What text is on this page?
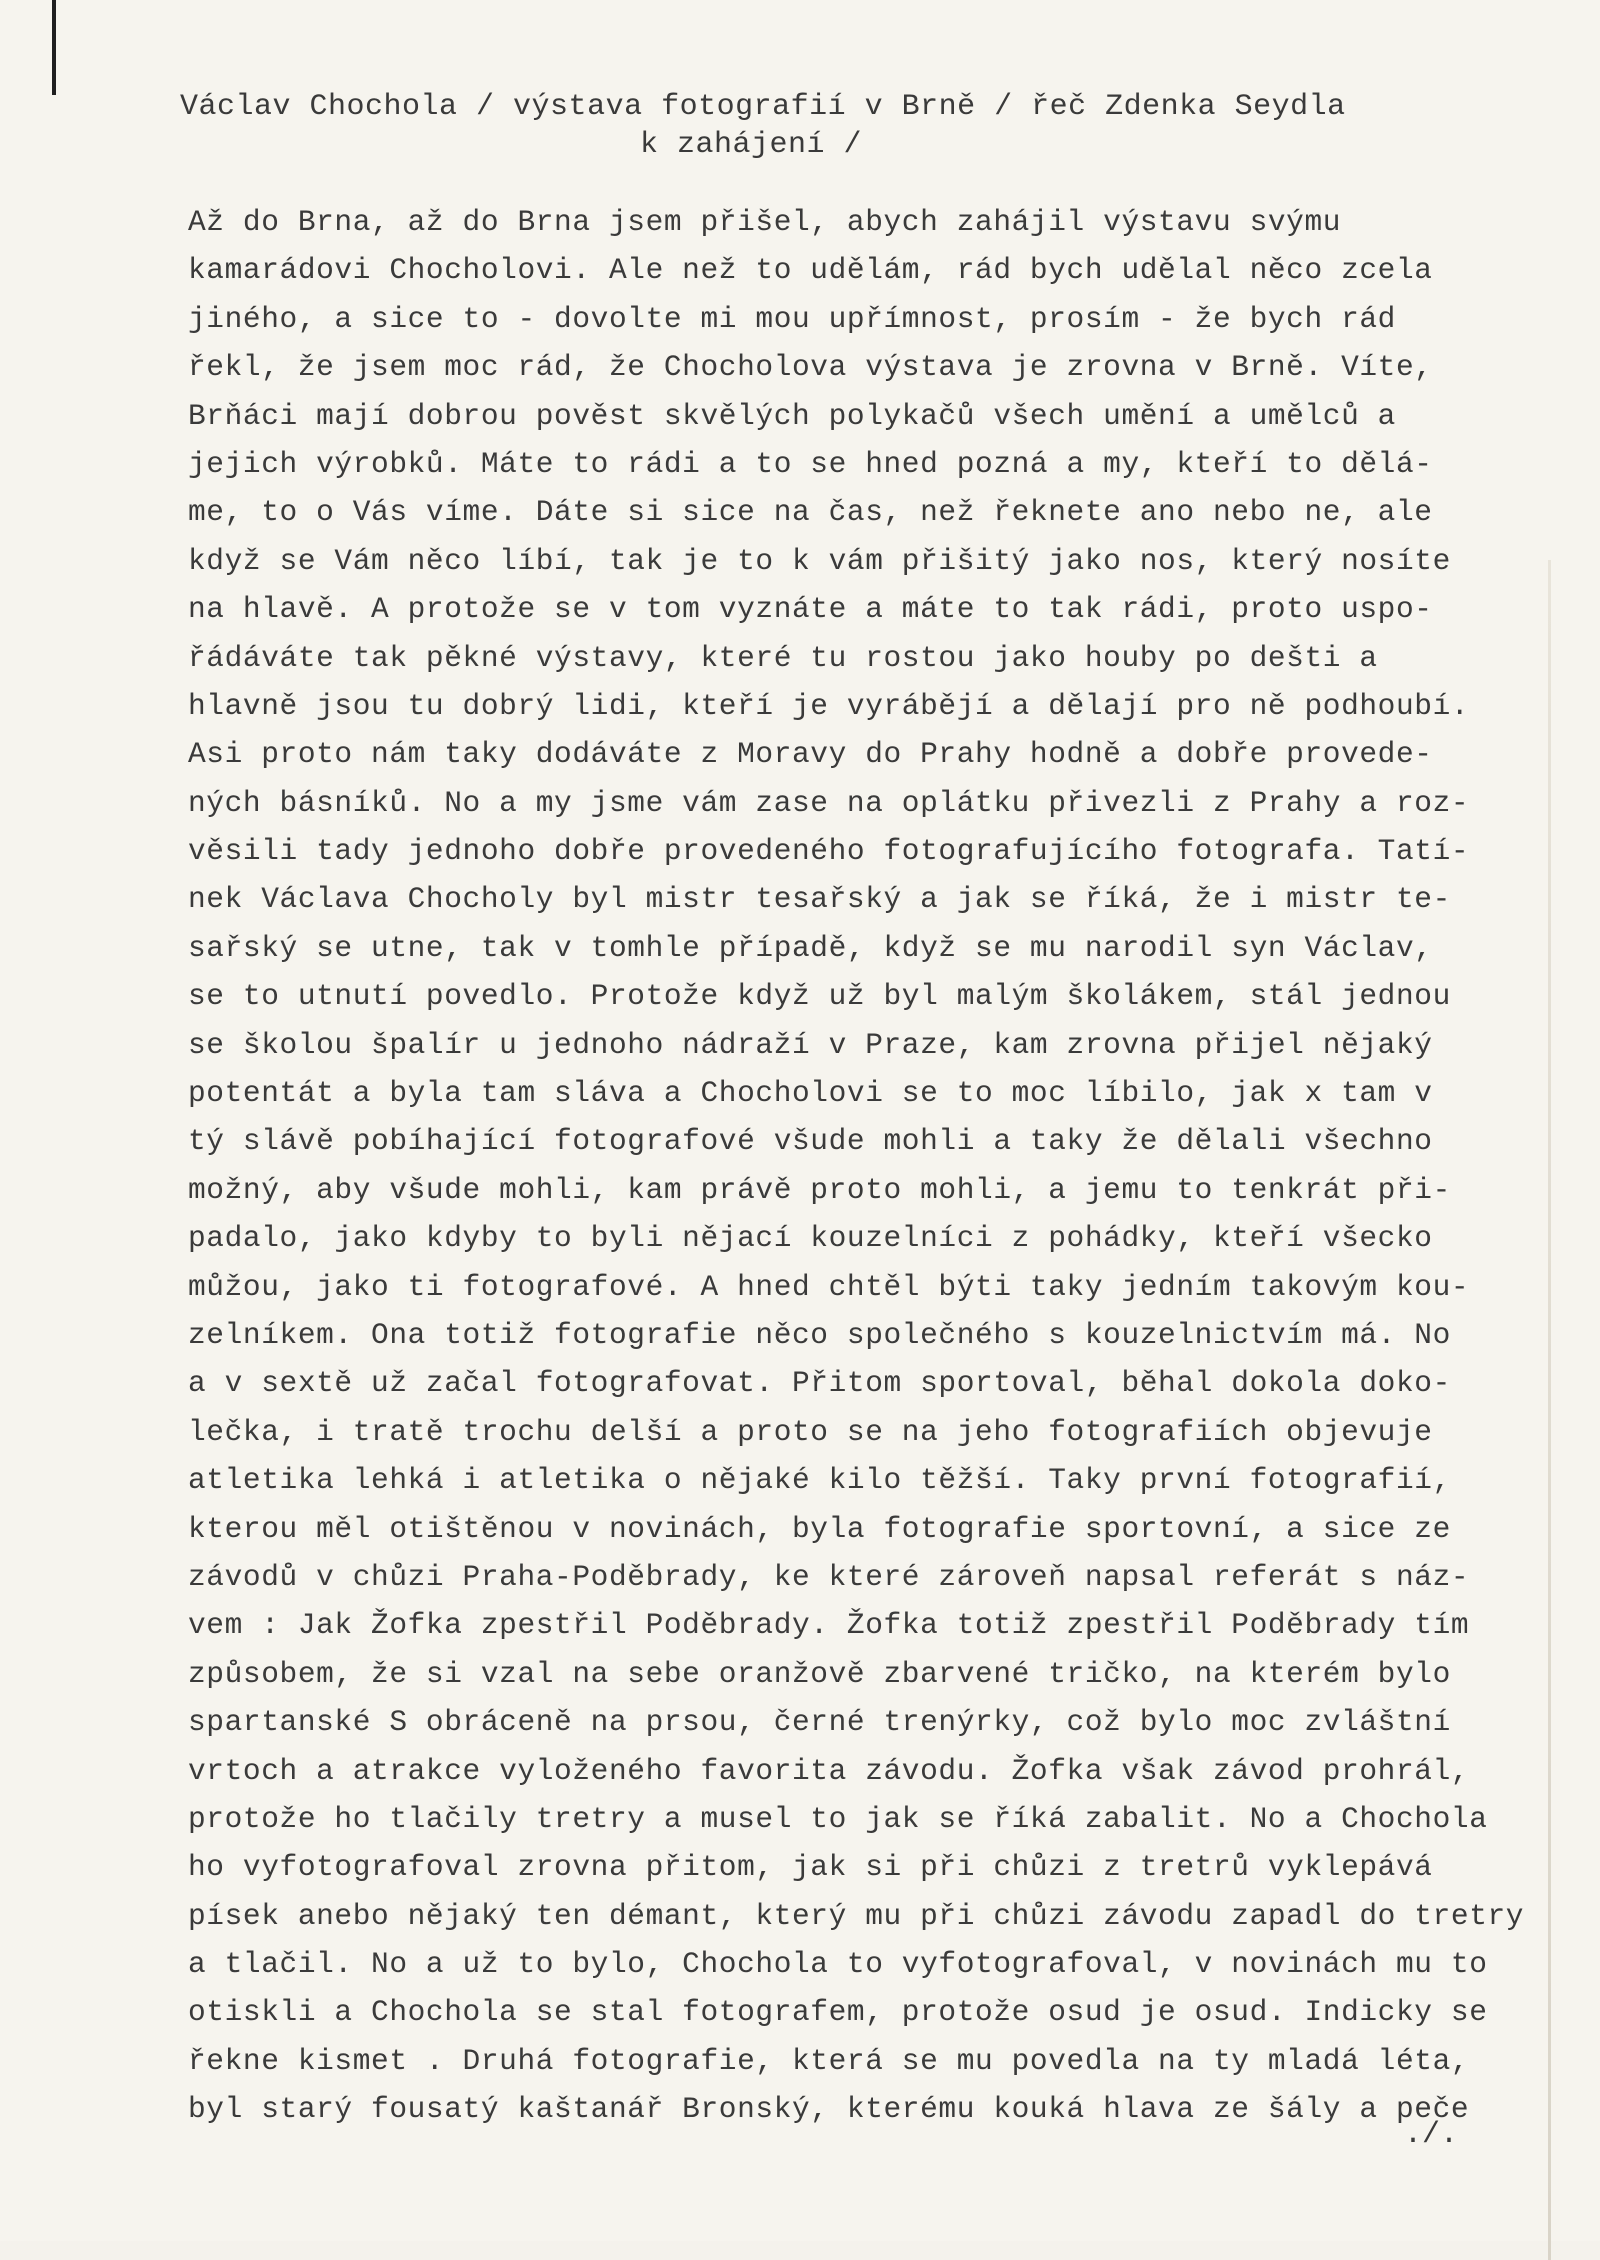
Václav Chochola / výstava fotografií v Brně / řeč Zdenka Seydla
k zahájení /
Až do Brna, až do Brna jsem přišel, abych zahájil výstavu svýmu
kamarádovi Chocholovi. Ale než to udělám, rád bych udělal něco zcela
jiného, a sice to - dovolte mi mou upřímnost, prosím - že bych rád
řekl, že jsem moc rád, že Chocholova výstava je zrovna v Brně. Víte,
Brňáci mají dobrou pověst skvělých polykačů všech umění a umělců a
jejich výrobků. Máte to rádi a to se hned pozná a my, kteří to dělá-
me, to o Vás víme. Dáte si sice na čas, než řeknete ano nebo ne, ale
když se Vám něco líbí, tak je to k vám přišitý jako nos, který nosíte
na hlavě. A protože se v tom vyznáte a máte to tak rádi, proto uspo-
řádáváte tak pěkné výstavy, které tu rostou jako houby po dešti a
hlavně jsou tu dobrý lidi, kteří je vyrábějí a dělají pro ně podhoubí.
Asi proto nám taky dodáváte z Moravy do Prahy hodně a dobře provede-
ných básníků. No a my jsme vám zase na oplátku přivezli z Prahy a roz-
věsili tady jednoho dobře provedeného fotografujícího fotografa. Tatí-
nek Václava Chocholy byl mistr tesařský a jak se říká, že i mistr te-
sařský se utne, tak v tomhle případě, když se mu narodil syn Václav,
se to utnutí povedlo. Protože když už byl malým školákem, stál jednou
se školou špalír u jednoho nádraží v Praze, kam zrovna přijel nějaký
potentát a byla tam sláva a Chocholovi se to moc líbilo, jak x tam v
tý slávě pobíhající fotografové všude mohli a taky že dělali všechno
možný, aby všude mohli, kam právě proto mohli, a jemu to tenkrát při-
padalo, jako kdyby to byli nějací kouzelníci z pohádky, kteří všecko
můžou, jako ti fotografové. A hned chtěl býti taky jedním takovým kou-
zelníkem. Ona totiž fotografie něco společného s kouzelnictvím má. No
a v sextě už začal fotografovat. Přitom sportoval, běhal dokola doko-
lečka, i tratě trochu delší a proto se na jeho fotografiích objevuje
atletika lehká i atletika o nějaké kilo těžší. Taky první fotografií,
kterou měl otištěnou v novinách, byla fotografie sportovní, a sice ze
závodů v chůzi Praha-Poděbrady, ke které zároveň napsal referát s náz-
vem : Jak Žofka zpestřil Poděbrady. Žofka totiž zpestřil Poděbrady tím
způsobem, že si vzal na sebe oranžově zbarvené tričko, na kterém bylo
spartanské S obráceně na prsou, černé trenýrky, což bylo moc zvláštní
vrtoch a atrakce vyloženého favorita závodu. Žofka však závod prohrál,
protože ho tlačily tretry a musel to jak se říká zabalit. No a Chochola
ho vyfotografoval zrovna přitom, jak si při chůzi z tretrů vyklepává
písek anebo nějaký ten démant, který mu při chůzi závodu zapadl do tretry
a tlačil. No a už to bylo, Chochola to vyfotografoval, v novinách mu to
otiskli a Chochola se stal fotografem, protože osud je osud. Indicky se
řekne kismet . Druhá fotografie, která se mu povedla na ty mladá léta,
byl starý fousatý kaštanář Bronský, kterému kouká hlava ze šály a peče
./.
